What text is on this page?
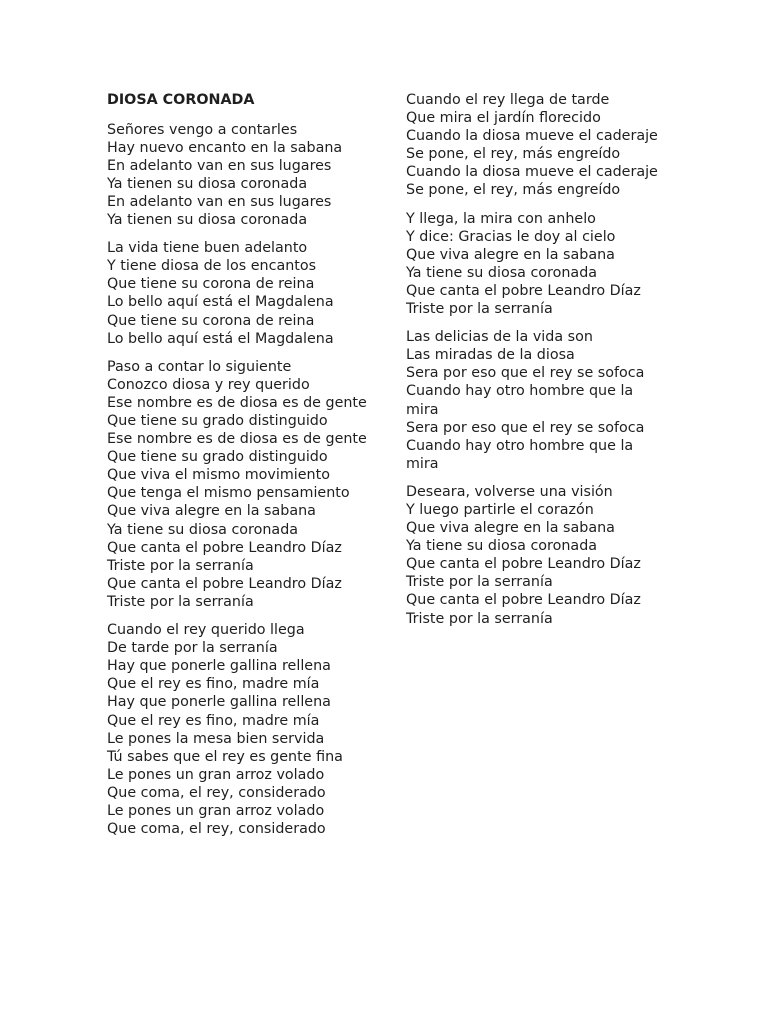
DIOSA CORONADA
Señores vengo a contarles
Hay nuevo encanto en la sabana
En adelanto van en sus lugares
Ya tienen su diosa coronada
En adelanto van en sus lugares
Ya tienen su diosa coronada
La vida tiene buen adelanto
Y tiene diosa de los encantos
Que tiene su corona de reina
Lo bello aquí está el Magdalena
Que tiene su corona de reina
Lo bello aquí está el Magdalena
Paso a contar lo siguiente
Conozco diosa y rey querido
Ese nombre es de diosa es de gente
Que tiene su grado distinguido
Ese nombre es de diosa es de gente
Que tiene su grado distinguido
Que viva el mismo movimiento
Que tenga el mismo pensamiento
Que viva alegre en la sabana
Ya tiene su diosa coronada
Que canta el pobre Leandro Díaz
Triste por la serranía
Que canta el pobre Leandro Díaz
Triste por la serranía
Cuando el rey querido llega
De tarde por la serranía
Hay que ponerle gallina rellena
Que el rey es fino, madre mía
Hay que ponerle gallina rellena
Que el rey es fino, madre mía
Le pones la mesa bien servida
Tú sabes que el rey es gente fina
Le pones un gran arroz volado
Que coma, el rey, considerado
Le pones un gran arroz volado
Que coma, el rey, considerado
Cuando el rey llega de tarde
Que mira el jardín florecido
Cuando la diosa mueve el caderaje
Se pone, el rey, más engreído
Cuando la diosa mueve el caderaje
Se pone, el rey, más engreído
Y llega, la mira con anhelo
Y dice: Gracias le doy al cielo
Que viva alegre en la sabana
Ya tiene su diosa coronada
Que canta el pobre Leandro Díaz
Triste por la serranía
Las delicias de la vida son
Las miradas de la diosa
Sera por eso que el rey se sofoca
Cuando hay otro hombre que la mira
Sera por eso que el rey se sofoca
Cuando hay otro hombre que la mira
Deseara, volverse una visión
Y luego partirle el corazón
Que viva alegre en la sabana
Ya tiene su diosa coronada
Que canta el pobre Leandro Díaz
Triste por la serranía
Que canta el pobre Leandro Díaz
Triste por la serranía
